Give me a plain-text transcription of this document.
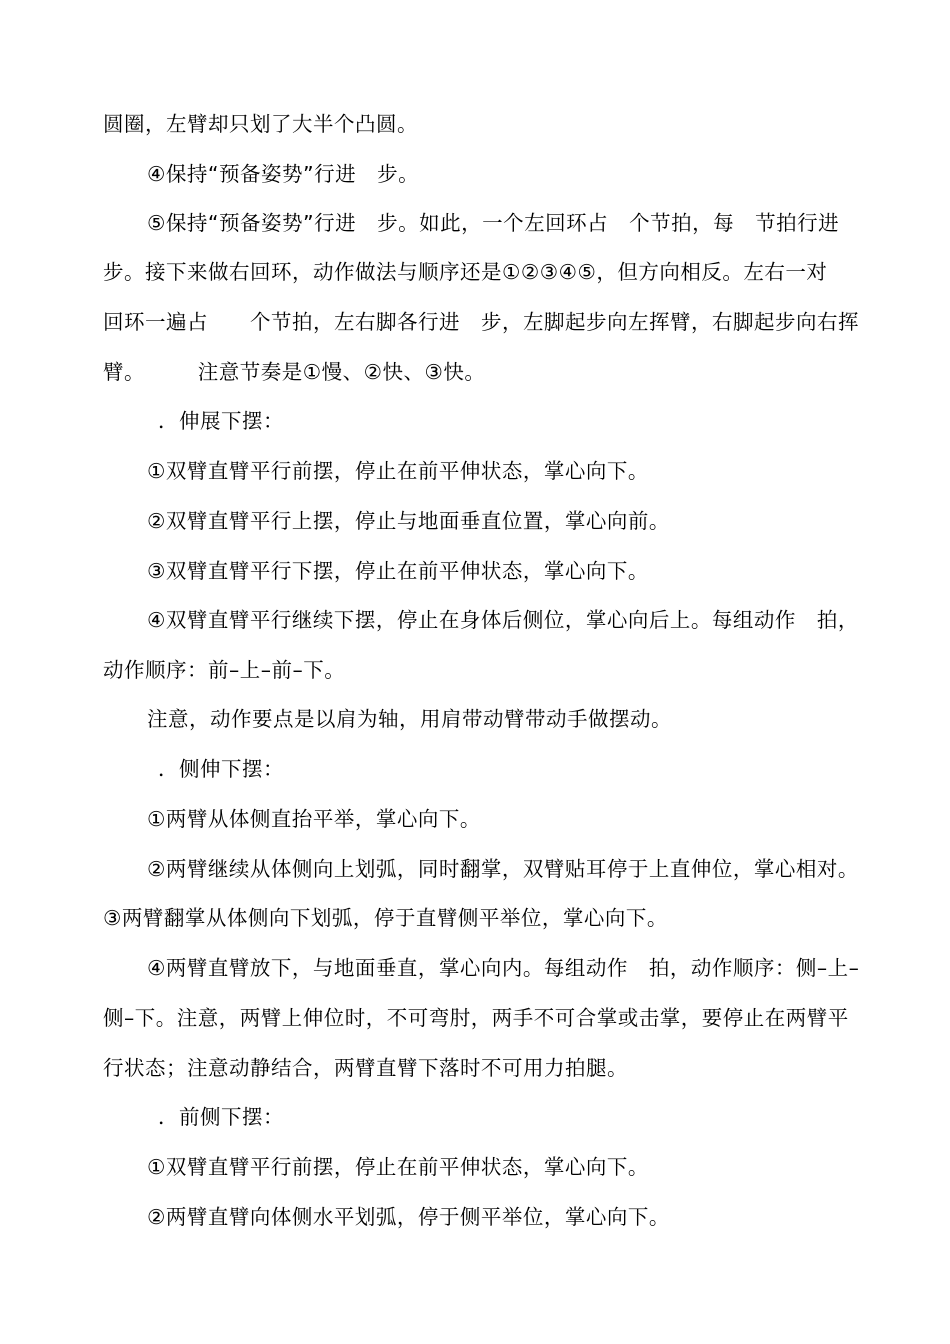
圆圈，左臂却只划了大半个凸圆。
④保持“预备姿势”行进　步。
⑤保持“预备姿势”行进　步。如此，一个左回环占　个节拍，每　节拍行进
步。接下来做右回环，动作做法与顺序还是①②③④⑤，但方向相反。左右一对
回环一遍占　　个节拍，左右脚各行进　步，左脚起步向左挥臂，右脚起步向右挥
臂。　　　注意节奏是①慢、②快、③快。
．伸展下摆：
①双臂直臂平行前摆，停止在前平伸状态，掌心向下。
②双臂直臂平行上摆，停止与地面垂直位置，掌心向前。
③双臂直臂平行下摆，停止在前平伸状态，掌心向下。
④双臂直臂平行继续下摆，停止在身体后侧位，掌心向后上。每组动作　拍，
动作顺序：前–上–前–下。
注意，动作要点是以肩为轴，用肩带动臂带动手做摆动。
．侧伸下摆：
①两臂从体侧直抬平举，掌心向下。
②两臂继续从体侧向上划弧，同时翻掌，双臂贴耳停于上直伸位，掌心相对。
③两臂翻掌从体侧向下划弧，停于直臂侧平举位，掌心向下。
④两臂直臂放下，与地面垂直，掌心向内。每组动作　拍，动作顺序：侧–上–
侧–下。注意，两臂上伸位时，不可弯肘，两手不可合掌或击掌，要停止在两臂平
行状态；注意动静结合，两臂直臂下落时不可用力拍腿。
．前侧下摆：
①双臂直臂平行前摆，停止在前平伸状态，掌心向下。
②两臂直臂向体侧水平划弧，停于侧平举位，掌心向下。
